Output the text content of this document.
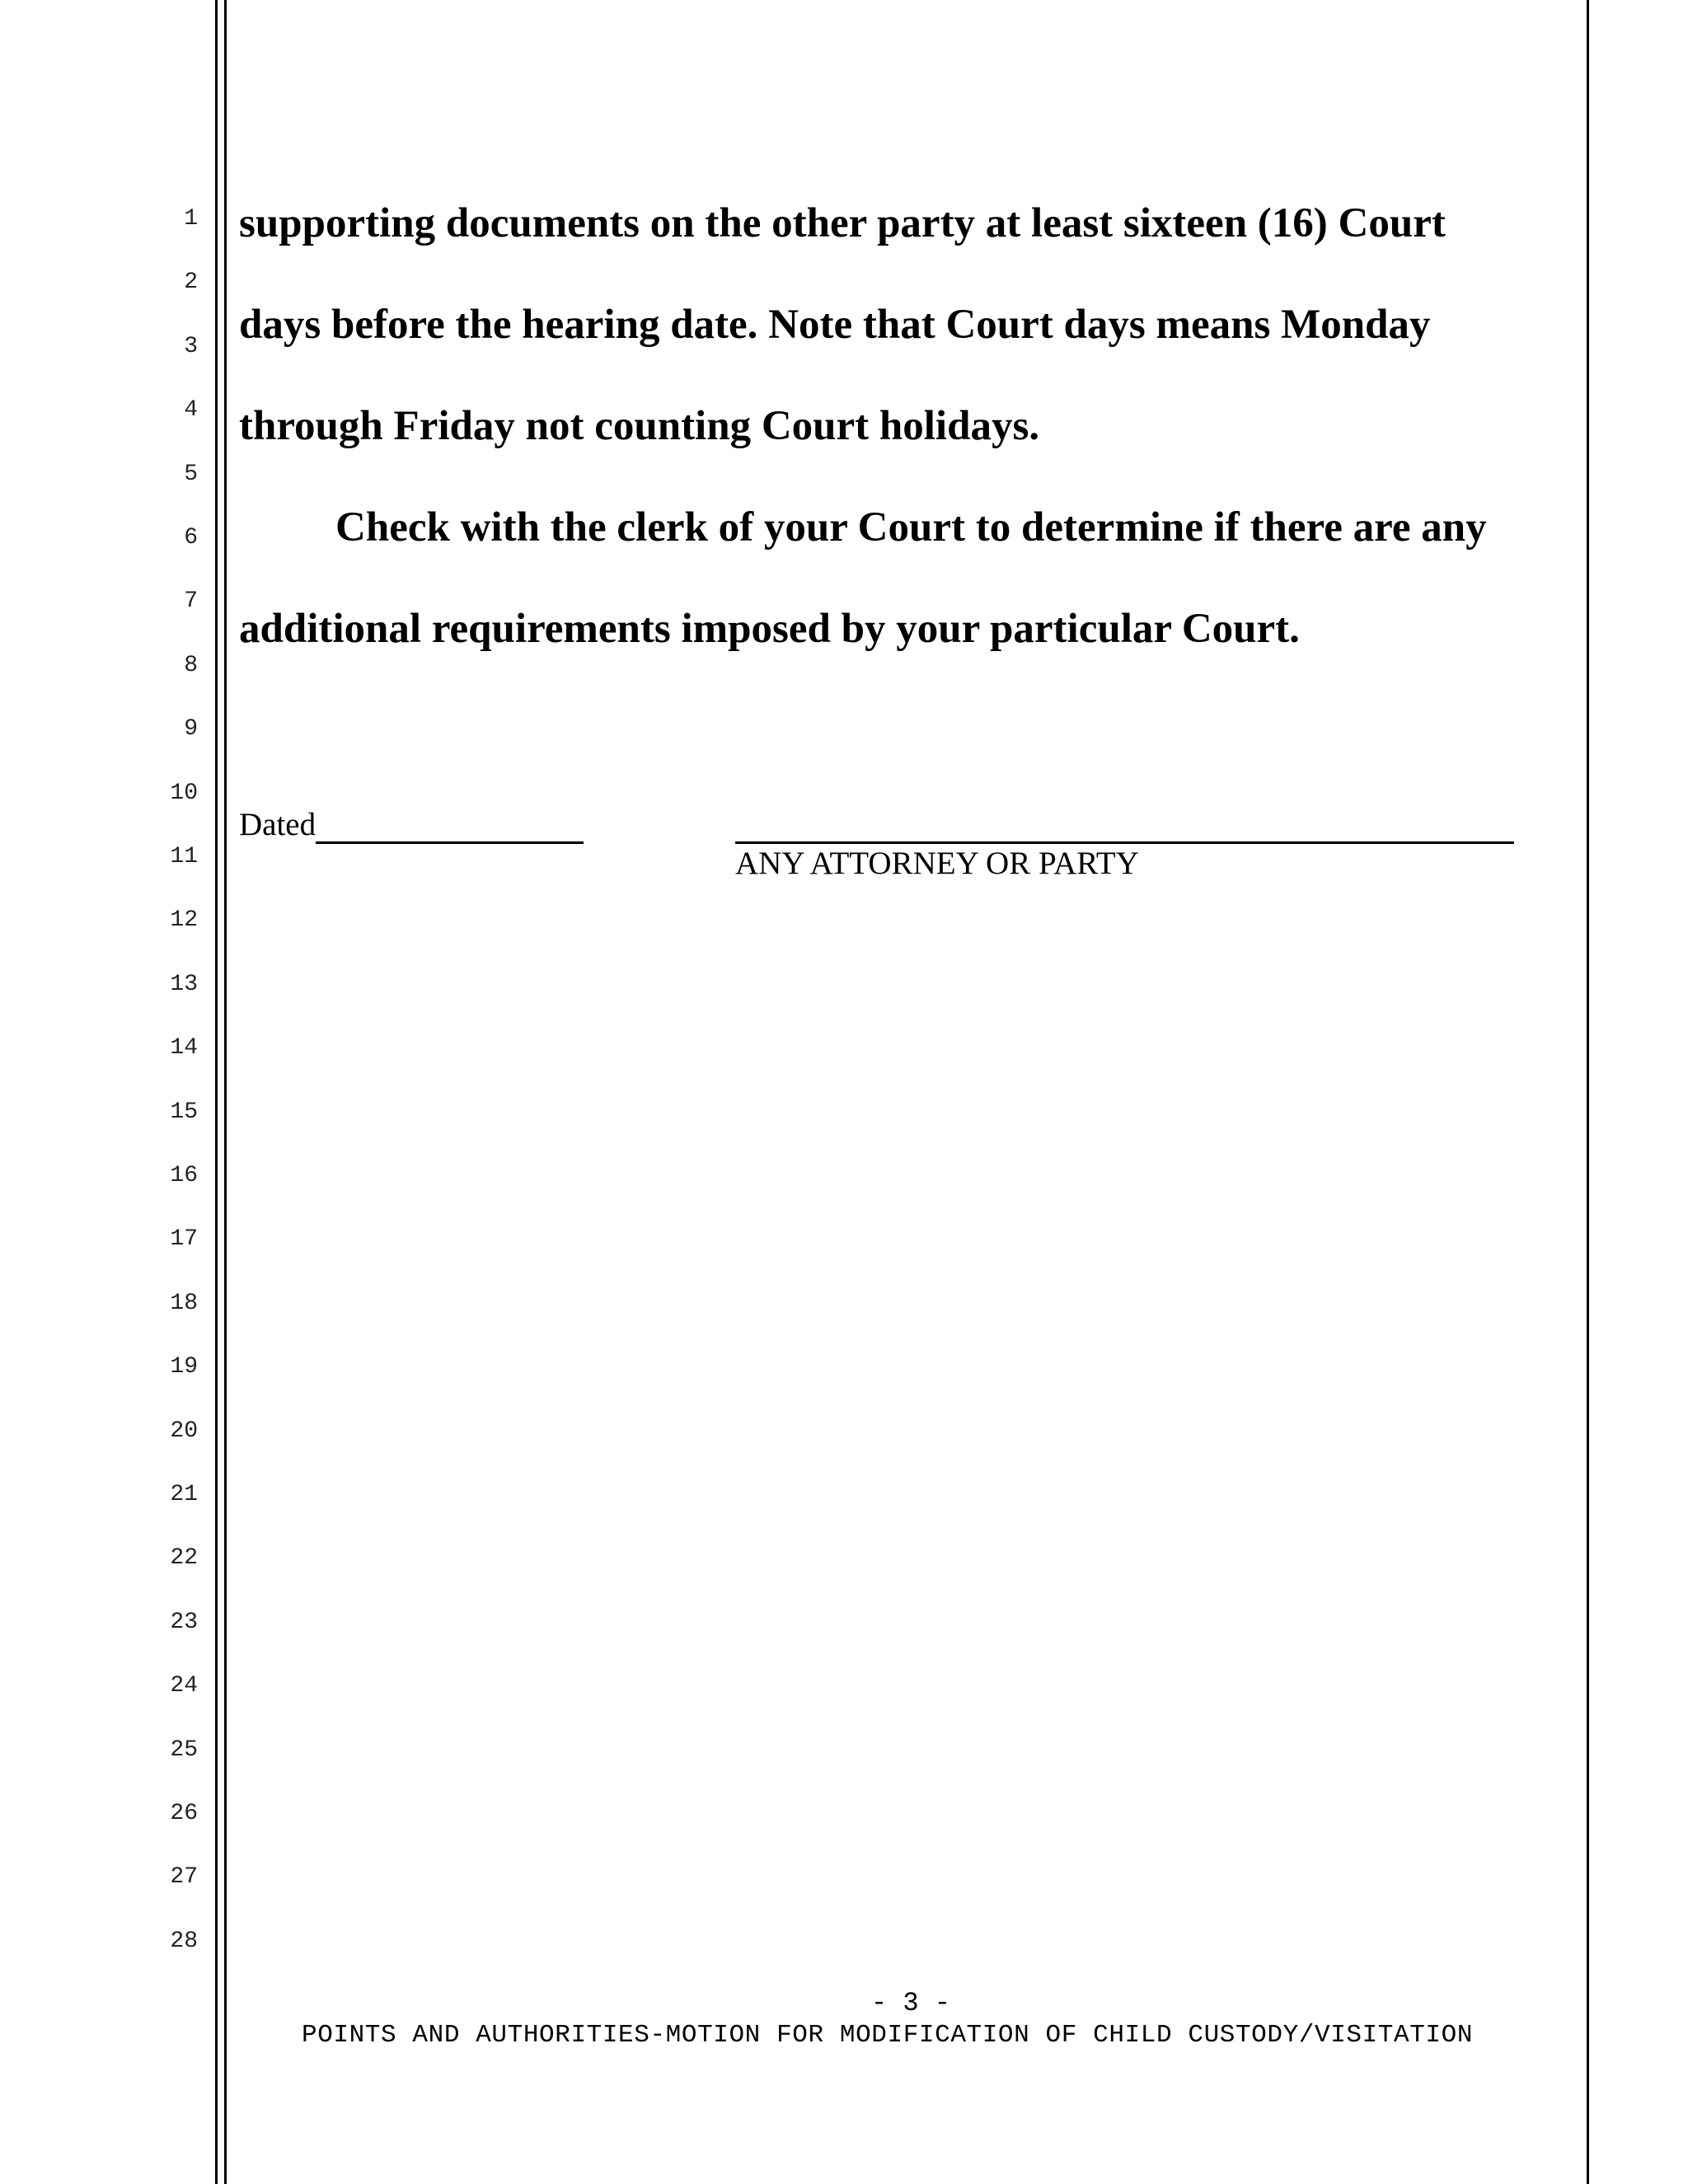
1
2
3
4
5
6
7
8
9
10
11
12
13
14
15
16
17
18
19
20
21
22
23
24
25
26
27
28
supporting documents on the other party at least sixteen (16) Court
days before the hearing date. Note that Court days means Monday
through Friday not counting Court holidays.
Check with the clerk of your Court to determine if there are any
additional requirements imposed by your particular Court.
Dated
ANY ATTORNEY OR PARTY
- 3 -
POINTS AND AUTHORITIES-MOTION FOR MODIFICATION OF CHILD CUSTODY/VISITATION
